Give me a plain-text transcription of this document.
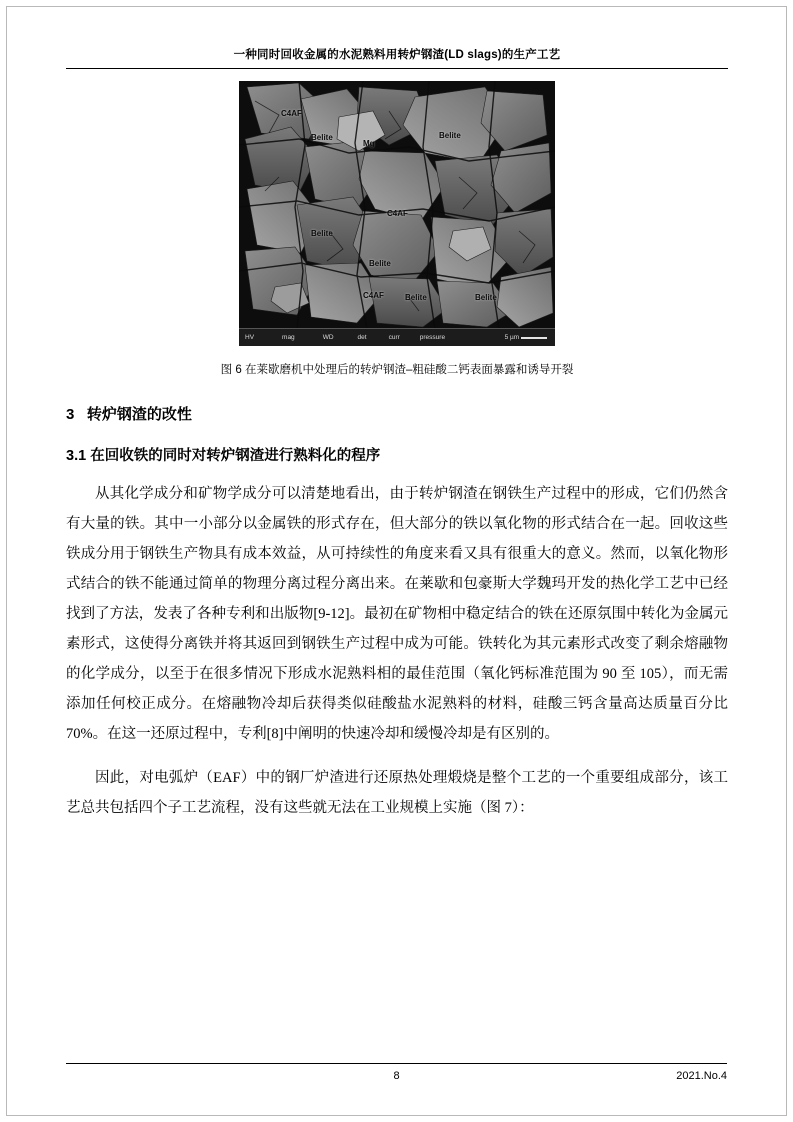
一种同时回收金属的水泥熟料用转炉钢渣(LD slags)的生产工艺
C4AF
Belite
Mg
Belite
C4AF
Belite
Belite
C4AF	Belite	Belite
HV	mag	WD	det	curr	pressure	5 µm
图 6 在莱歇磨机中处理后的转炉钢渣–粗硅酸二钙表面暴露和诱导开裂
3 转炉钢渣的改性
3.1 在回收铁的同时对转炉钢渣进行熟料化的程序

从其化学成分和矿物学成分可以清楚地看出，由于转炉钢渣在钢铁生产过程中的形成，它们仍然含有大量的铁。其中一小部分以金属铁的形式存在，但大部分的铁以氧化物的形式结合在一起。回收这些铁成分用于钢铁生产物具有成本效益，从可持续性的角度来看又具有很重大的意义。然而，以氧化物形式结合的铁不能通过简单的物理分离过程分离出来。在莱歇和包豪斯大学魏玛开发的热化学工艺中已经找到了方法，发表了各种专利和出版物[9-12]。最初在矿物相中稳定结合的铁在还原氛围中转化为金属元素形式，这使得分离铁并将其返回到钢铁生产过程中成为可能。铁转化为其元素形式改变了剩余熔融物的化学成分，以至于在很多情况下形成水泥熟料相的最佳范围（氧化钙标准范围为 90 至 105），而无需添加任何校正成分。在熔融物冷却后获得类似硅酸盐水泥熟料的材料，硅酸三钙含量高达质量百分比 70%。在这一还原过程中，专利[8]中阐明的快速冷却和缓慢冷却是有区别的。

因此，对电弧炉（EAF）中的钢厂炉渣进行还原热处理煅烧是整个工艺的一个重要组成部分，该工艺总共包括四个子工艺流程，没有这些就无法在工业规模上实施（图 7）：

8	2021.No.4
